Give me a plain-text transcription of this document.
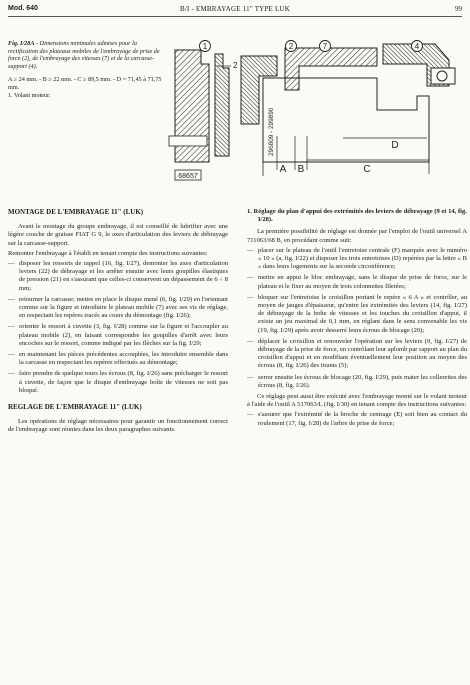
Mod. 640	B/I - EMBRAYAGE 11" TYPE LUK	99
Fig. I/28A - Dimensions minimales admises pour la rectification des plateaux mobiles de l'embrayage de prise de force (2), de l'embrayage des vitesses (7) et de la carcasse-support (4).
A ≥ 24 mm. - B ≥ 22 mm. - C ≥ 89,5 mm. - D = 71,45 à 71,75 mm.
1. Volant moteur.
2
1	2	7	4
A B	C
D
296809 - 299890
68657
MONTAGE DE L'EMBRAYAGE 11" (LUK)

Avant le montage du groupe embrayage, il est conseillé de lubrifier avec une légère couche de graisse FIAT G 9, le axes d'articulation des leviers de débrayage sur la carcasse-support.

Remonter l'embrayage à l'établi en tenant compte des instructions suivantes:

— disposer les ressorts de rappel (16, fig. I/27), demonter les axes d'articulation leviers (22) de débrayage et les arrêter ensuite avec leurs goupilles élastiques de pression (21) en s'assurant que celles-ci conservent un dépassement de 6 ÷ 8 mm;
— retourner la carcasse; mettre en place le disque mené (6, fig. I/29) en l'orientant comme sur la figure et introduire le plateau mobile (7) avec ses vis de réglage, en respectant les repères tracés au cours du démontage (fig. I/26);
— orienter le ressort à cuvette (3, fig. I/28) comme sur la figure et l'accoupler au plateau mobile (2), en faisant correspondre les goupilles d'arrêt avec leurs encoches sur le ressort, comme indiqué par les flèches sur la fig. I/29;
— en maintenant les pièces précédentes accouplées, les introduire ensemble dans la carcasse en respectant les repères effectués au démontage;
— faire prendre de quelque tours les écrous (8, fig. I/26) sans précharger le ressort à cuvette, de façon que le disque d'embrayage boîte de vitesses ne soit pas bloqué.
REGLAGE DE L'EMBRAYAGE 11" (LUK)

Les opérations de réglage nécessaires pour garantir un fonctionnement correct de l'embrayage sont réunies dans les deux paragraphes suivants.

1. Réglage du plan d'appui des extrémités des leviers de débrayage (9 et 14, fig. I/28).

La première possibilité de réglage est donnée par l'emploi de l'outil universel A 711063/68 B, en procédant comme suit:

— placer sur le plateau de l'outil l'entretoise centrale (F) marquée avec le numéro « 10 » (a, fig. I/22) et disposer les trois entretoises (D) repérées par la lettre « B » dans leurs logements sur la seconde circonférence;
— mettre en appui le bloc embrayage, sans le disque de prise de force, sur le plateau et le fixer au moyen de trois colonnettes filetées;
— bloquer sur l'entretoise le croisillon portant le repère « 6 A » et contrôler, au moyen de jauges d'épaisseur, qu'entre les extrémités des leviers (14, fig. I/27) de débrayage de la boîte de vitesses et les touches du croisillon d'appui, il existe un jeu maximal de 0,1 mm, en réglant dans le sens convenable les vis (19, fig. I/29) après avoir desserré leurs écrous de blocage (20);
— déplacer le croisillon et renouveler l'opération sur les leviers (9, fig. I/27) de débrayage de la prise de force, en contrôlant leur aplomb par rapport au plan du croisillon d'appui et en modifiant éventuellement leur position au moyen des écrous (8, fig. I/26) des tirants (5);
— serrer ensuite les écrous de blocage (20, fig. I/29), puis mater les collerettes des écrous (8, fig. I/26).

Ce réglage peut aussi être exécuté avec l'embrayage monté sur le volant moteur à l'aide de l'outil A 517063/L (fig. I/30) en tenant compte des instructions suivantes:

— s'assurer que l'extrémité de la broche de centrage (E) soit bien au contact du roulement (17, fig. I/28) de l'arbre de prise de force;
